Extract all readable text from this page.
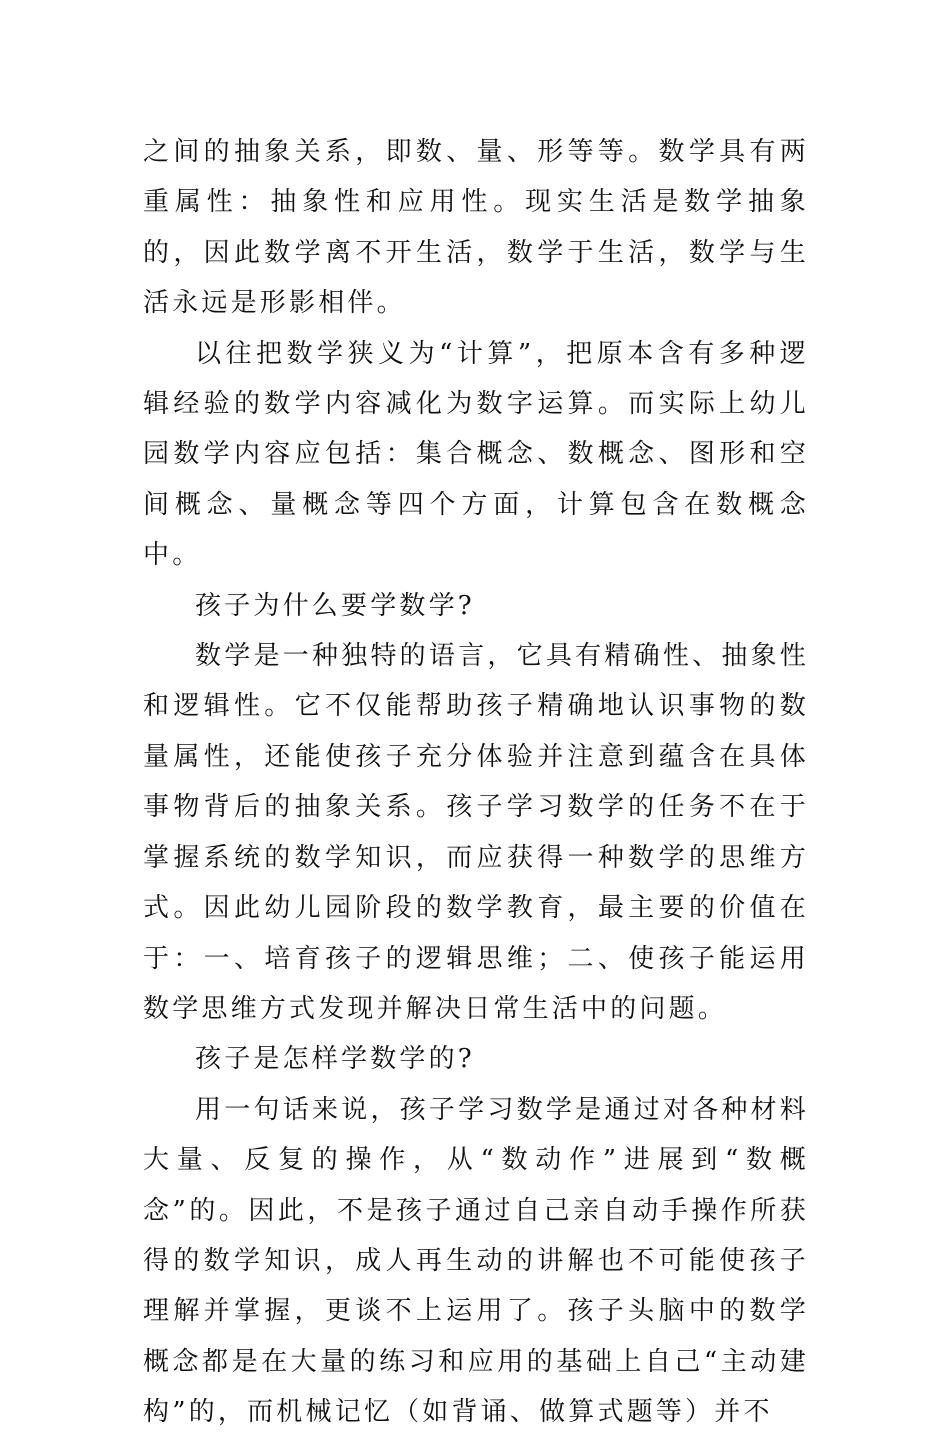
之间的抽象关系，即数、量、形等等。数学具有两重属性：抽象性和应用性。现实生活是数学抽象的，因此数学离不开生活，数学于生活，数学与生活永远是形影相伴。

以往把数学狭义为“计算”，把原本含有多种逻辑经验的数学内容减化为数字运算。而实际上幼儿园数学内容应包括：集合概念、数概念、图形和空间概念、量概念等四个方面，计算包含在数概念中。

孩子为什么要学数学?

数学是一种独特的语言，它具有精确性、抽象性和逻辑性。它不仅能帮助孩子精确地认识事物的数量属性，还能使孩子充分体验并注意到蕴含在具体事物背后的抽象关系。孩子学习数学的任务不在于掌握系统的数学知识，而应获得一种数学的思维方式。因此幼儿园阶段的数学教育，最主要的价值在于：一、培育孩子的逻辑思维；二、使孩子能运用数学思维方式发现并解决日常生活中的问题。

孩子是怎样学数学的?

用一句话来说，孩子学习数学是通过对各种材料大量、反复的操作，从“数动作”进展到“数概念”的。因此，不是孩子通过自己亲自动手操作所获得的数学知识，成人再生动的讲解也不可能使孩子理解并掌握，更谈不上运用了。孩子头脑中的数学概念都是在大量的练习和应用的基础上自己“主动建构”的，而机械记忆（如背诵、做算式题等）并不
